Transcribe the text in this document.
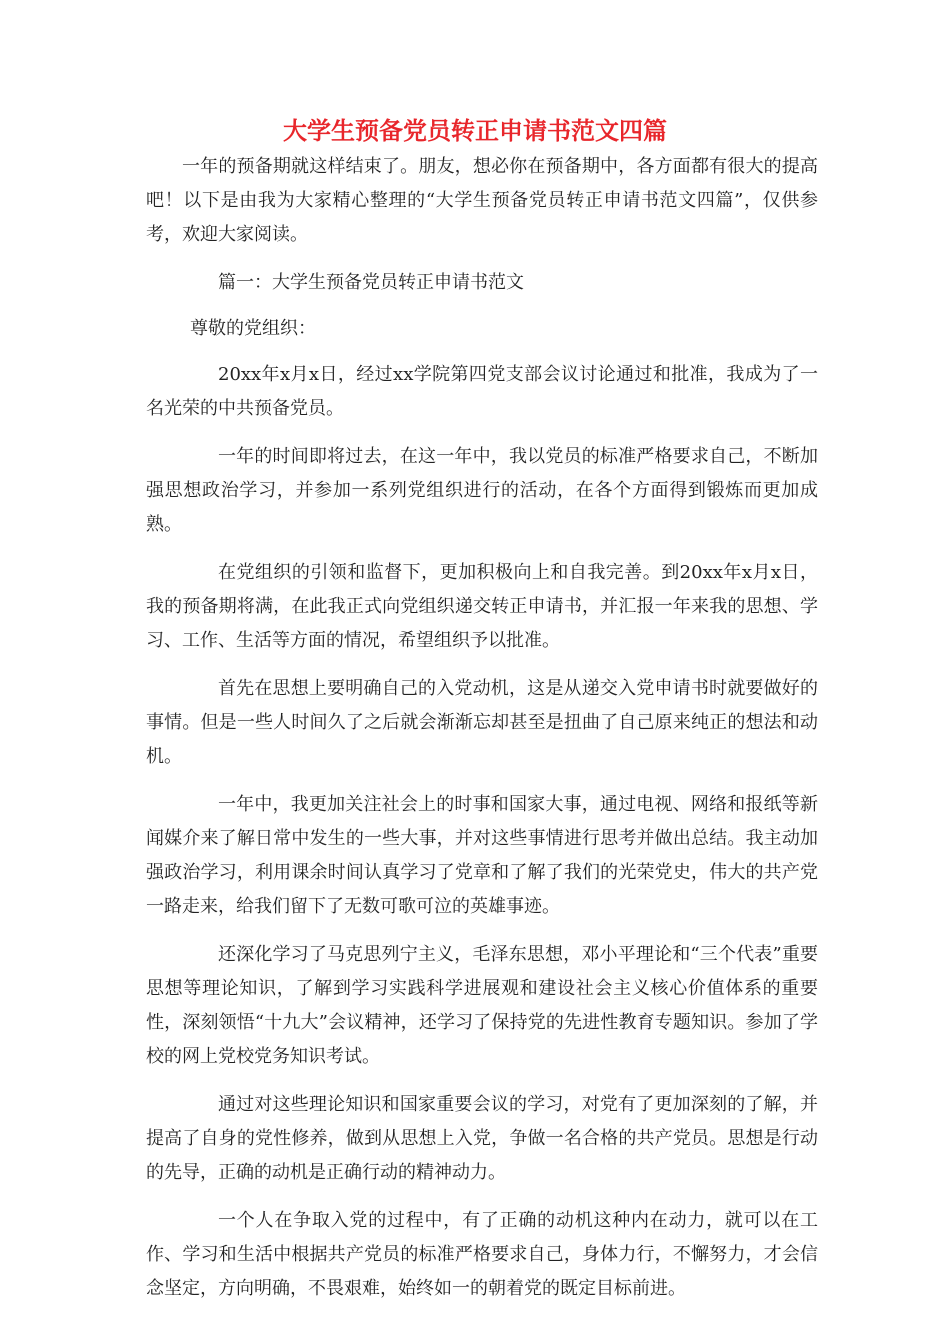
大学生预备党员转正申请书范文四篇

一年的预备期就这样结束了。朋友，想必你在预备期中，各方面都有很大的提高吧！以下是由我为大家精心整理的“大学生预备党员转正申请书范文四篇”，仅供参考，欢迎大家阅读。

篇一：大学生预备党员转正申请书范文

尊敬的党组织：

20xx年x月x日，经过xx学院第四党支部会议讨论通过和批准，我成为了一名光荣的中共预备党员。

一年的时间即将过去，在这一年中，我以党员的标准严格要求自己，不断加强思想政治学习，并参加一系列党组织进行的活动，在各个方面得到锻炼而更加成熟。

在党组织的引领和监督下，更加积极向上和自我完善。到20xx年x月x日，我的预备期将满，在此我正式向党组织递交转正申请书，并汇报一年来我的思想、学习、工作、生活等方面的情况，希望组织予以批准。

首先在思想上要明确自己的入党动机，这是从递交入党申请书时就要做好的事情。但是一些人时间久了之后就会渐渐忘却甚至是扭曲了自己原来纯正的想法和动机。

一年中，我更加关注社会上的时事和国家大事，通过电视、网络和报纸等新闻媒介来了解日常中发生的一些大事，并对这些事情进行思考并做出总结。我主动加强政治学习，利用课余时间认真学习了党章和了解了我们的光荣党史，伟大的共产党一路走来，给我们留下了无数可歌可泣的英雄事迹。

还深化学习了马克思列宁主义，毛泽东思想，邓小平理论和“三个代表”重要思想等理论知识，了解到学习实践科学进展观和建设社会主义核心价值体系的重要性，深刻领悟“十九大”会议精神，还学习了保持党的先进性教育专题知识。参加了学校的网上党校党务知识考试。

通过对这些理论知识和国家重要会议的学习，对党有了更加深刻的了解，并提高了自身的党性修养，做到从思想上入党，争做一名合格的共产党员。思想是行动的先导，正确的动机是正确行动的精神动力。

一个人在争取入党的过程中，有了正确的动机这种内在动力，就可以在工作、学习和生活中根据共产党员的标准严格要求自己，身体力行，不懈努力，才会信念坚定，方向明确，不畏艰难，始终如一的朝着党的既定目标前进。
